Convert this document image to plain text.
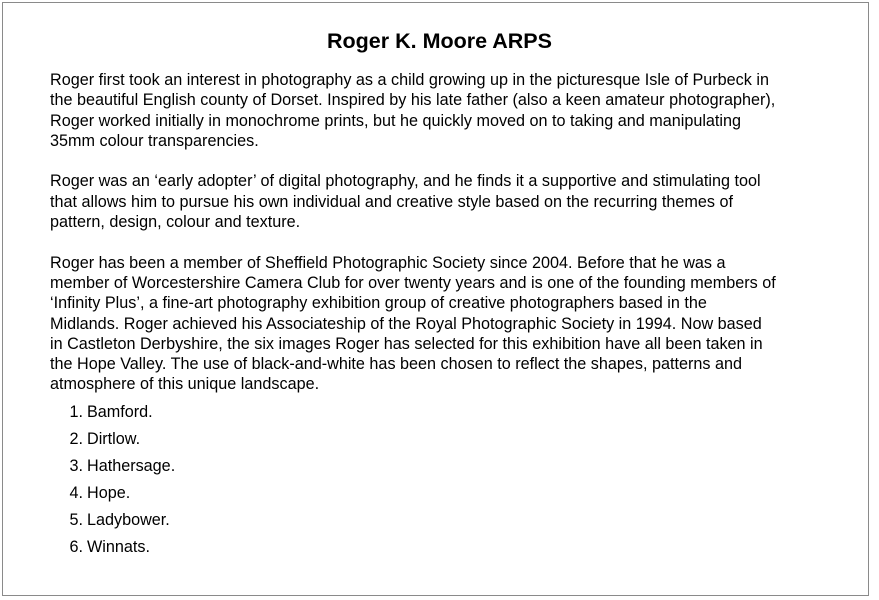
Roger K. Moore ARPS

Roger first took an interest in photography as a child growing up in the picturesque Isle of Purbeck in
the beautiful English county of Dorset. Inspired by his late father (also a keen amateur photographer),
Roger worked initially in monochrome prints, but he quickly moved on to taking and manipulating
35mm colour transparencies.

Roger was an ‘early adopter’ of digital photography, and he finds it a supportive and stimulating tool
that allows him to pursue his own individual and creative style based on the recurring themes of
pattern, design, colour and texture.

Roger has been a member of Sheffield Photographic Society since 2004. Before that he was a
member of Worcestershire Camera Club for over twenty years and is one of the founding members of
‘Infinity Plus’, a fine-art photography exhibition group of creative photographers based in the
Midlands. Roger achieved his Associateship of the Royal Photographic Society in 1994. Now based
in Castleton Derbyshire, the six images Roger has selected for this exhibition have all been taken in
the Hope Valley. The use of black-and-white has been chosen to reflect the shapes, patterns and
atmosphere of this unique landscape.

1. Bamford.
2. Dirtlow.
3. Hathersage.
4. Hope.
5. Ladybower.
6. Winnats.
